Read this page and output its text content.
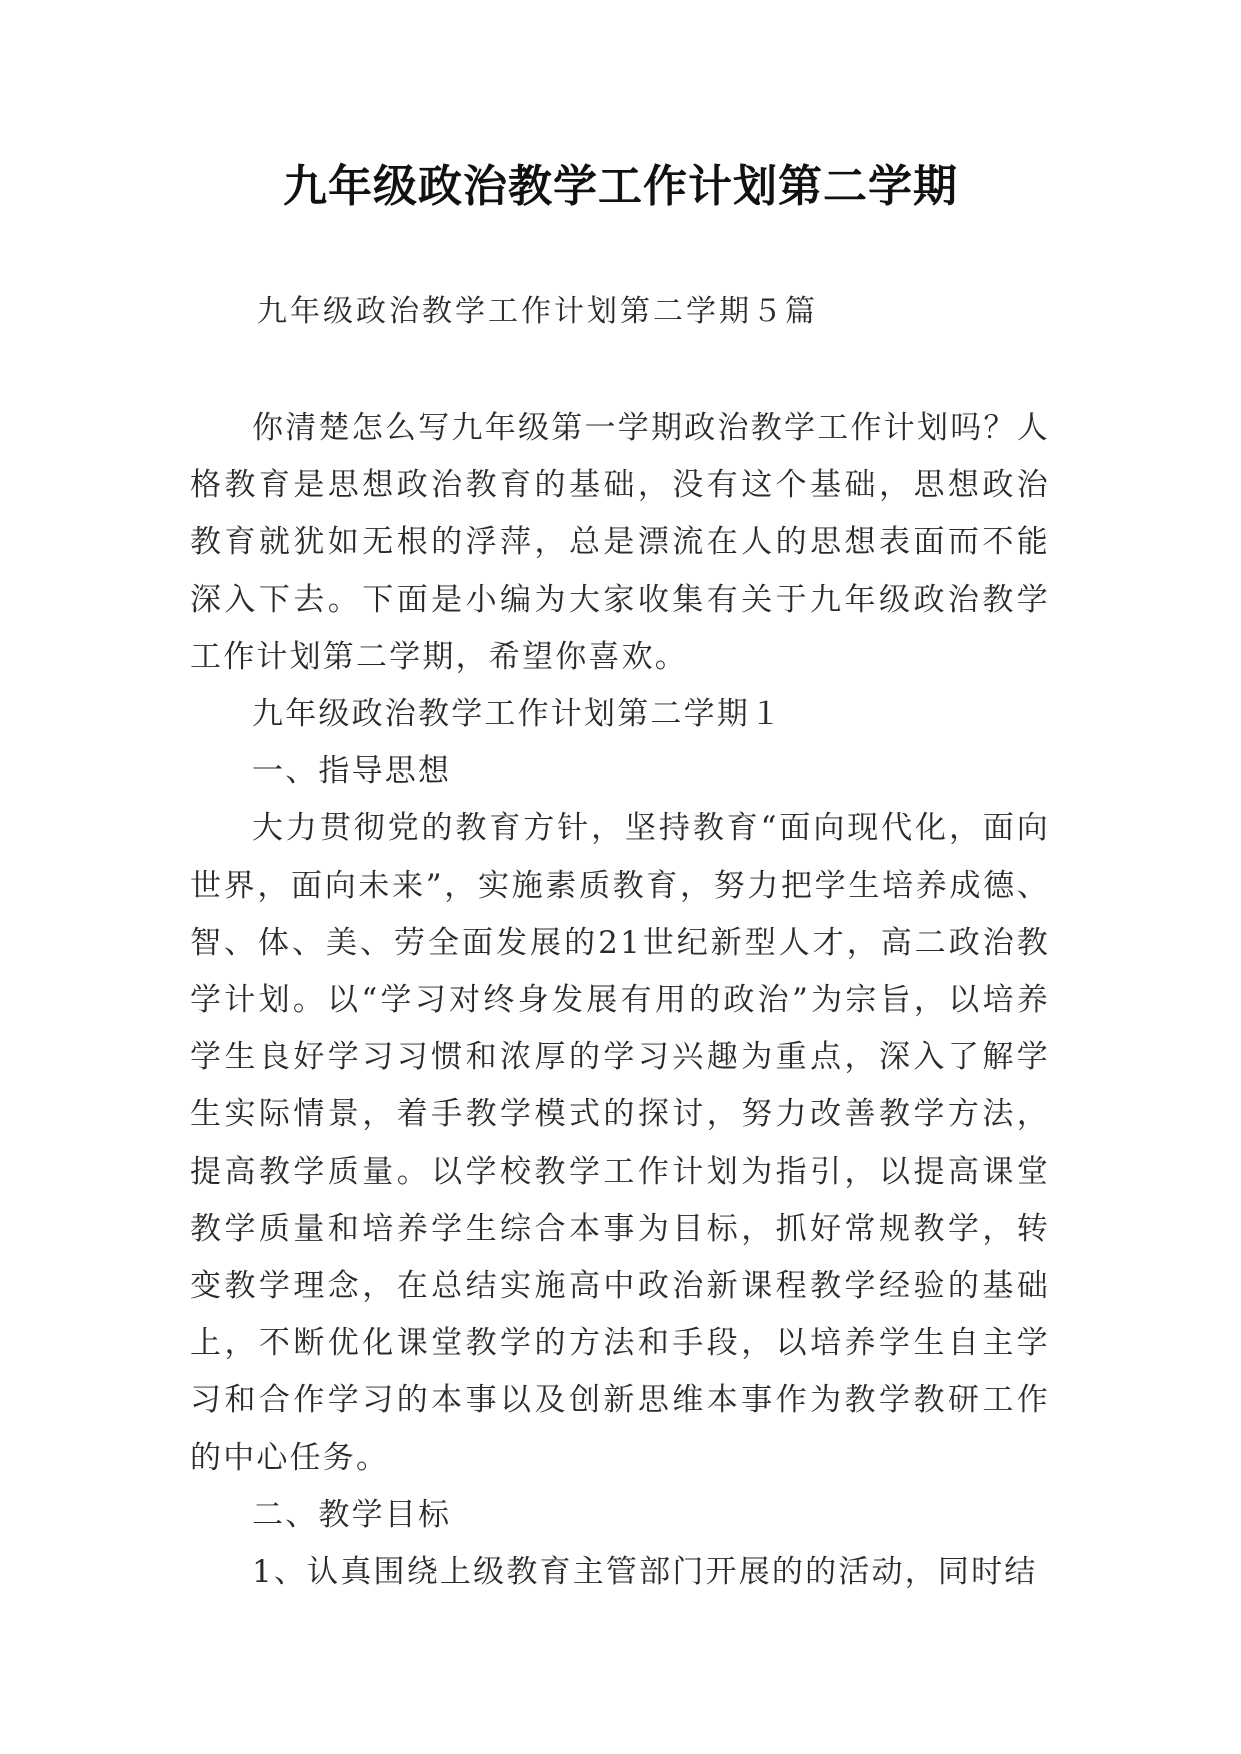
九年级政治教学工作计划第二学期

九年级政治教学工作计划第二学期５篇

你清楚怎么写九年级第一学期政治教学工作计划吗？人格教育是思想政治教育的基础，没有这个基础，思想政治教育就犹如无根的浮萍，总是漂流在人的思想表面而不能深入下去。下面是小编为大家收集有关于九年级政治教学工作计划第二学期，希望你喜欢。

九年级政治教学工作计划第二学期１

一、指导思想

大力贯彻党的教育方针，坚持教育“面向现代化，面向世界，面向未来”，实施素质教育，努力把学生培养成德、智、体、美、劳全面发展的21世纪新型人才，高二政治教学计划。以“学习对终身发展有用的政治”为宗旨，以培养学生良好学习习惯和浓厚的学习兴趣为重点，深入了解学生实际情景，着手教学模式的探讨，努力改善教学方法，提高教学质量。以学校教学工作计划为指引，以提高课堂教学质量和培养学生综合本事为目标，抓好常规教学，转变教学理念，在总结实施高中政治新课程教学经验的基础上，不断优化课堂教学的方法和手段，以培养学生自主学习和合作学习的本事以及创新思维本事作为教学教研工作的中心任务。

二、教学目标

1、认真围绕上级教育主管部门开展的的活动，同时结
